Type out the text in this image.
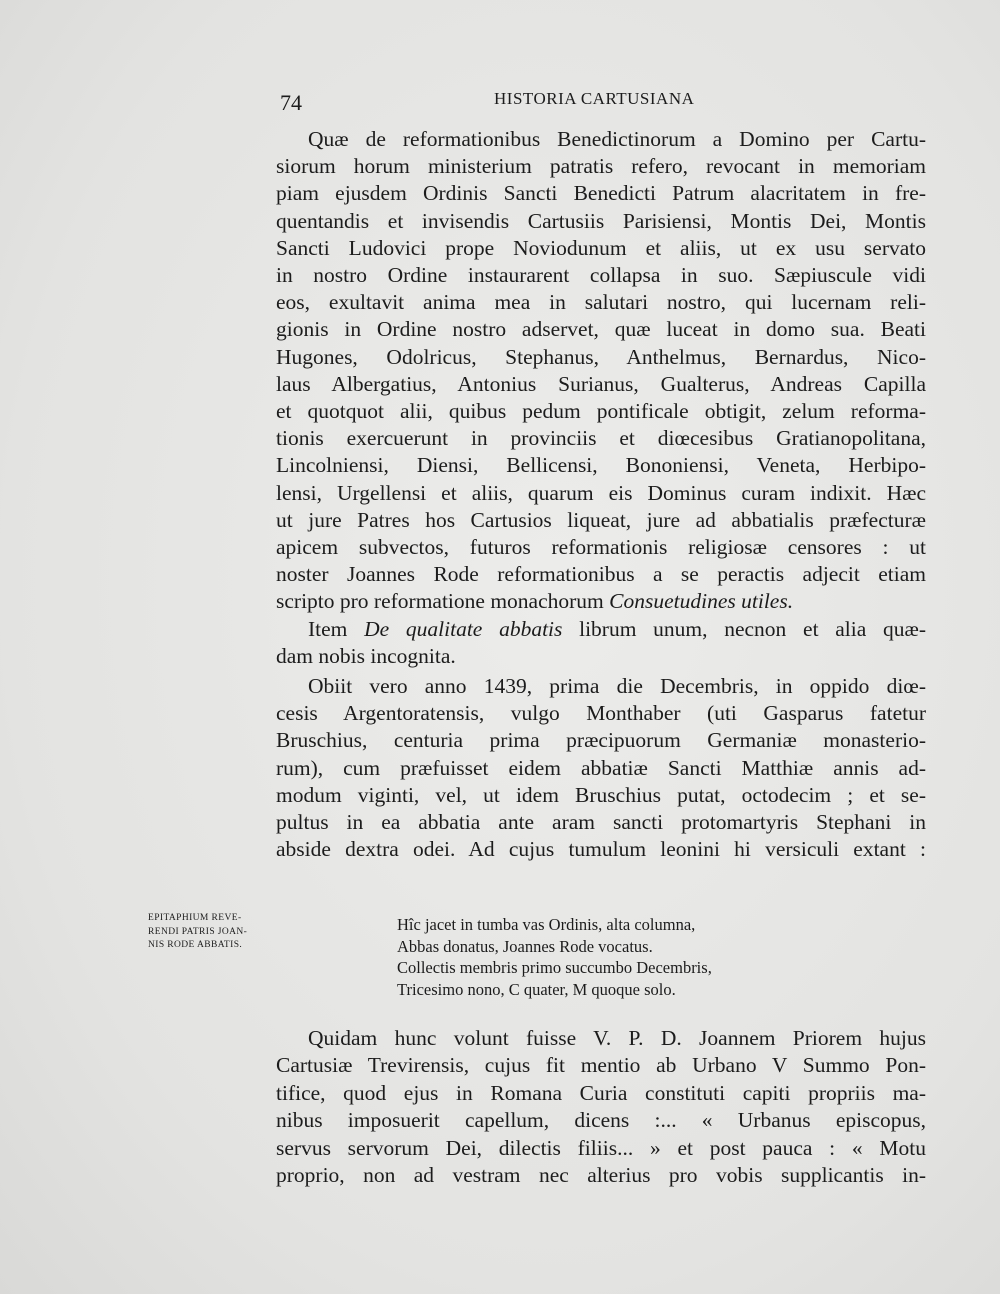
74	HISTORIA CARTUSIANA
Quæ de reformationibus Benedictinorum a Domino per Cartu-
siorum horum ministerium patratis refero, revocant in memoriam
piam ejusdem Ordinis Sancti Benedicti Patrum alacritatem in fre-
quentandis et invisendis Cartusiis Parisiensi, Montis Dei, Montis
Sancti Ludovici prope Noviodunum et aliis, ut ex usu servato
in nostro Ordine instaurarent collapsa in suo. Sæpiuscule vidi
eos, exultavit anima mea in salutari nostro, qui lucernam reli-
gionis in Ordine nostro adservet, quæ luceat in domo sua. Beati
Hugones, Odolricus, Stephanus, Anthelmus, Bernardus, Nico-
laus Albergatius, Antonius Surianus, Gualterus, Andreas Capilla
et quotquot alii, quibus pedum pontificale obtigit, zelum reforma-
tionis exercuerunt in provinciis et diœcesibus Gratianopolitana,
Lincolniensi, Diensi, Bellicensi, Bononiensi, Veneta, Herbipo-
lensi, Urgellensi et aliis, quarum eis Dominus curam indixit. Hæc
ut jure Patres hos Cartusios liqueat, jure ad abbatialis præfecturæ
apicem subvectos, futuros reformationis religiosæ censores : ut
noster Joannes Rode reformationibus a se peractis adjecit etiam
scripto pro reformatione monachorum Consuetudines utiles.
Item De qualitate abbatis librum unum, necnon et alia quæ-
dam nobis incognita.
Obiit vero anno 1439, prima die Decembris, in oppido diœ-
cesis Argentoratensis, vulgo Monthaber (uti Gasparus fatetur
Bruschius, centuria prima præcipuorum Germaniæ monasterio-
rum), cum præfuisset eidem abbatiæ Sancti Matthiæ annis ad-
modum viginti, vel, ut idem Bruschius putat, octodecim ; et se-
pultus in ea abbatia ante aram sancti protomartyris Stephani in
abside dextra odei. Ad cujus tumulum leonini hi versiculi extant :
EPITAPHIUM REVE-
RENDI PATRIS JOAN-
NIS RODE ABBATIS.
Hîc jacet in tumba vas Ordinis, alta columna,
Abbas donatus, Joannes Rode vocatus.
Collectis membris primo succumbo Decembris,
Tricesimo nono, C quater, M quoque solo.
Quidam hunc volunt fuisse V. P. D. Joannem Priorem hujus
Cartusiæ Trevirensis, cujus fit mentio ab Urbano V Summo Pon-
tifice, quod ejus in Romana Curia constituti capiti propriis ma-
nibus imposuerit capellum, dicens :... « Urbanus episcopus,
servus servorum Dei, dilectis filiis... » et post pauca : « Motu
proprio, non ad vestram nec alterius pro vobis supplicantis in-
